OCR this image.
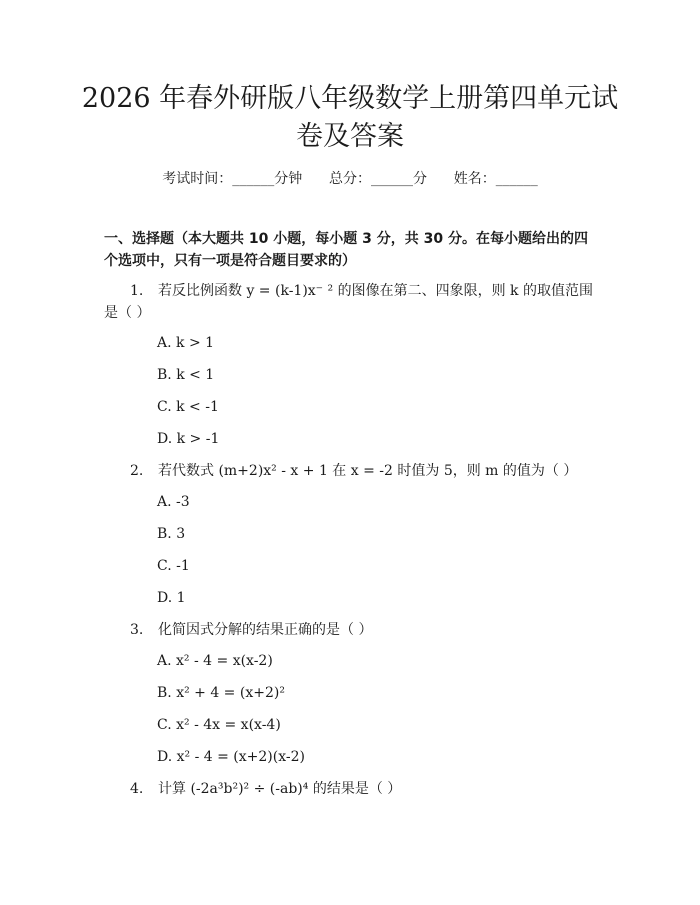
2026 年春外研版八年级数学上册第四单元试
卷及答案
考试时间：______分钟      总分：______分      姓名：______
一、选择题（本大题共 10 小题，每小题 3 分，共 30 分。在每小题给出的四个选项中，只有一项是符合题目要求的）
1. 若反比例函数 y = (k-1)x⁻ ² 的图像在第二、四象限，则 k 的取值范围是（ ）
A. k > 1
B. k < 1
C. k < -1
D. k > -1
2. 若代数式 (m+2)x² - x + 1 在 x = -2 时值为 5，则 m 的值为（ ）
A. -3
B. 3
C. -1
D. 1
3. 化简因式分解的结果正确的是（ ）
A. x² - 4 = x(x-2)
B. x² + 4 = (x+2)²
C. x² - 4x = x(x-4)
D. x² - 4 = (x+2)(x-2)
4. 计算 (-2a³b²)² ÷ (-ab)⁴ 的结果是（ ）
